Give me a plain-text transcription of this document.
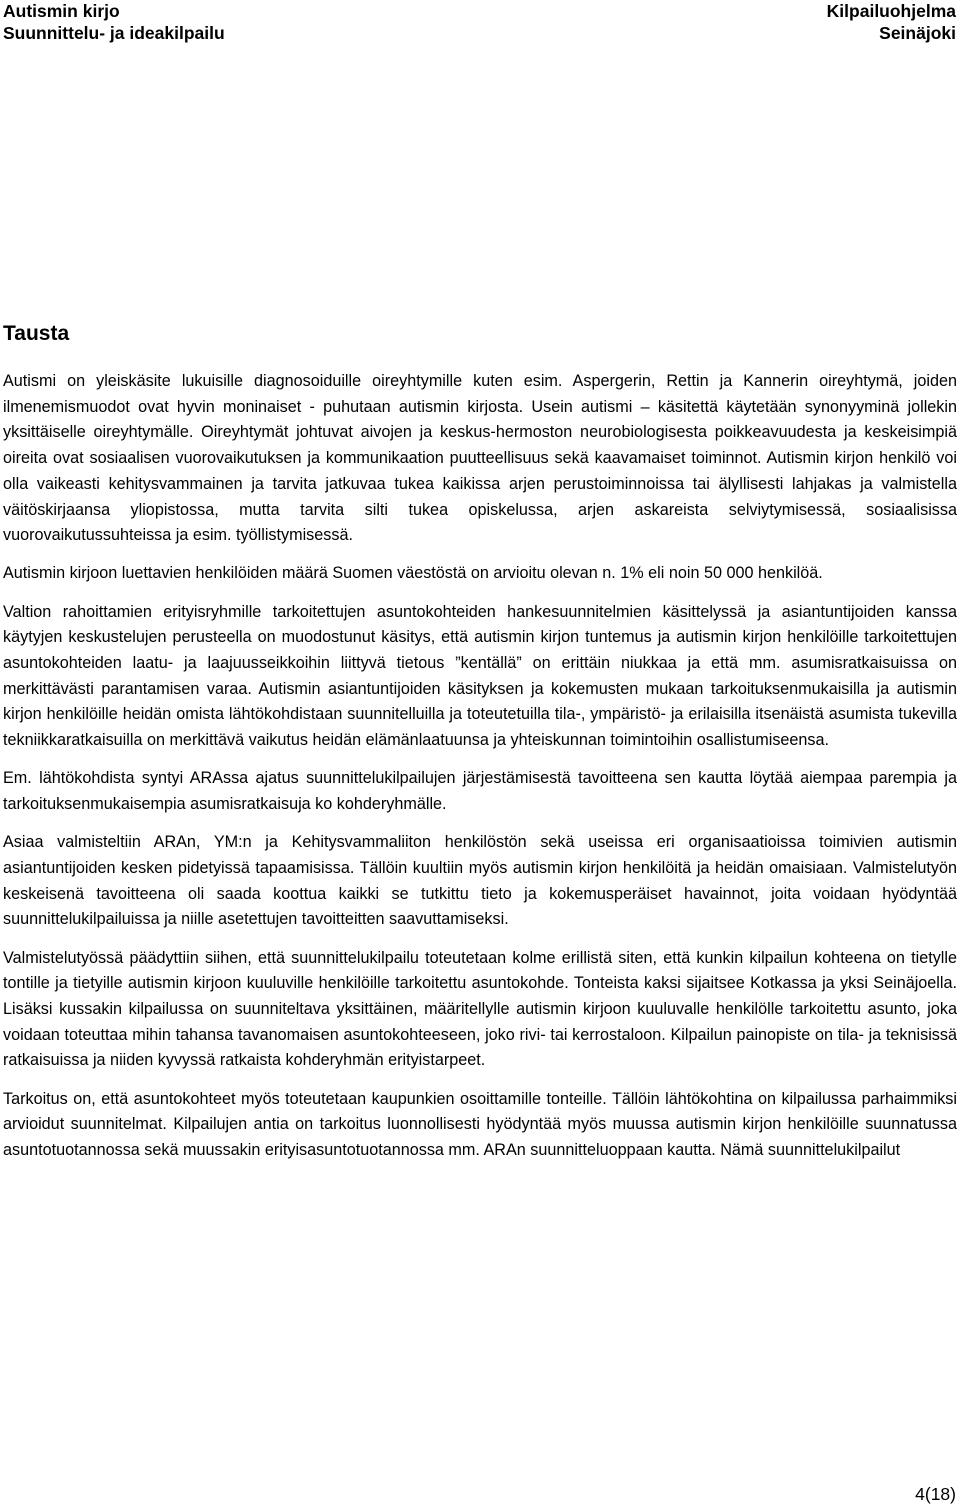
Autismin kirjo
Suunnittelu- ja ideakilpailu
Kilpailuohjelma
Seinäjoki
Tausta

Autismi on yleiskäsite lukuisille diagnosoiduille oireyhtymille kuten esim. Aspergerin, Rettin ja Kannerin oireyhtymä, joiden ilmenemismuodot ovat hyvin moninaiset - puhutaan autismin kirjosta. Usein autismi – käsitettä käytetään synonyyminä jollekin yksittäiselle oireyhtymälle. Oireyhtymät johtuvat aivojen ja keskus-hermoston neurobiologisesta poikkeavuudesta ja keskeisimpiä oireita ovat sosiaalisen vuorovaikutuksen ja kommunikaation puutteellisuus sekä kaavamaiset toiminnot. Autismin kirjon henkilö voi olla vaikeasti kehitysvammainen ja tarvita jatkuvaa tukea kaikissa arjen perustoiminnoissa tai älyllisesti lahjakas ja valmistella väitöskirjaansa yliopistossa, mutta tarvita silti tukea opiskelussa, arjen askareista selviytymisessä, sosiaalisissa vuorovaikutussuhteissa ja esim. työllistymisessä.

Autismin kirjoon luettavien henkilöiden määrä Suomen väestöstä on arvioitu olevan n. 1% eli noin 50 000 henkilöä.

Valtion rahoittamien erityisryhmille tarkoitettujen asuntokohteiden hankesuunnitelmien käsittelyssä ja asiantuntijoiden kanssa käytyjen keskustelujen perusteella on muodostunut käsitys, että autismin kirjon tuntemus ja autismin kirjon henkilöille tarkoitettujen asuntokohteiden laatu- ja laajuusseikkoihin liittyvä tietous ”kentällä” on erittäin niukkaa ja että mm. asumisratkaisuissa on merkittävästi parantamisen varaa. Autismin asiantuntijoiden käsityksen ja kokemusten mukaan tarkoituksenmukaisilla ja autismin kirjon henkilöille heidän omista lähtökohdistaan suunnitelluilla ja toteutetuilla tila-, ympäristö- ja erilaisilla itsenäistä asumista tukevilla tekniikkaratkaisuilla on merkittävä vaikutus heidän elämänlaatuunsa ja yhteiskunnan toimintoihin osallistumiseensa.

Em. lähtökohdista syntyi ARAssa ajatus suunnittelukilpailujen järjestämisestä tavoitteena sen kautta löytää aiempaa parempia ja tarkoituksenmukaisempia asumisratkaisuja ko kohderyhmälle.

Asiaa valmisteltiin ARAn, YM:n ja Kehitysvammaliiton henkilöstön sekä useissa eri organisaatioissa toimivien autismin asiantuntijoiden kesken pidetyissä tapaamisissa. Tällöin kuultiin myös autismin kirjon henkilöitä ja heidän omaisiaan. Valmistelutyön keskeisenä tavoitteena oli saada koottua kaikki se tutkittu tieto ja kokemusperäiset havainnot, joita voidaan hyödyntää suunnittelukilpailuissa ja niille asetettujen tavoitteitten saavuttamiseksi.

Valmistelutyössä päädyttiin siihen, että suunnittelukilpailu toteutetaan kolme erillistä siten, että kunkin kilpailun kohteena on tietylle tontille ja tietyille autismin kirjoon kuuluville henkilöille tarkoitettu asuntokohde. Tonteista kaksi sijaitsee Kotkassa ja yksi Seinäjoella. Lisäksi kussakin kilpailussa on suunniteltava yksittäinen, määritellylle autismin kirjoon kuuluvalle henkilölle tarkoitettu asunto, joka voidaan toteuttaa mihin tahansa tavanomaisen asuntokohteeseen, joko rivi- tai kerrostaloon. Kilpailun painopiste on tila- ja teknisissä ratkaisuissa ja niiden kyvyssä ratkaista kohderyhmän erityistarpeet.

Tarkoitus on, että asuntokohteet myös toteutetaan kaupunkien osoittamille tonteille. Tällöin lähtökohtina on kilpailussa parhaimmiksi arvioidut suunnitelmat. Kilpailujen antia on tarkoitus luonnollisesti hyödyntää myös muussa autismin kirjon henkilöille suunnatussa asuntotuotannossa sekä muussakin erityisasuntotuotannossa mm. ARAn suunnitteluoppaan kautta. Nämä suunnittelukilpailut

4(18)
